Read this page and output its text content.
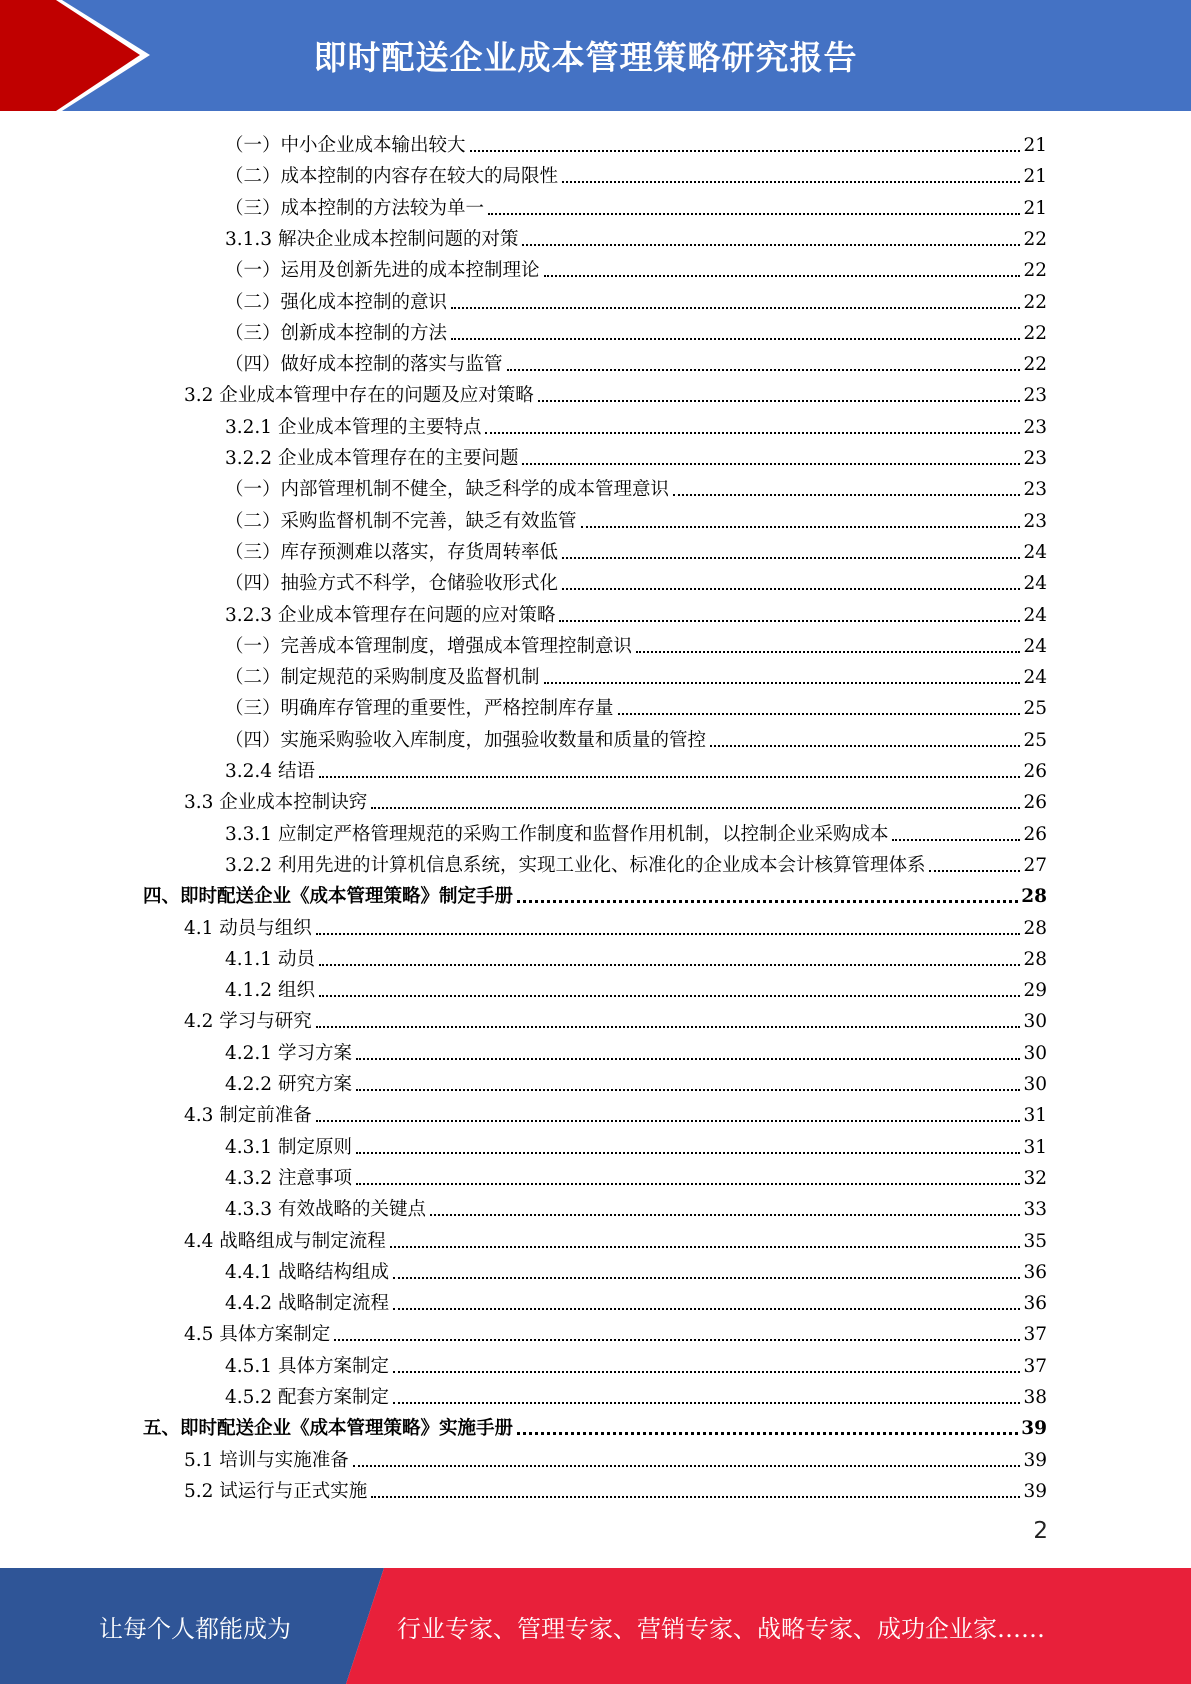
即时配送企业成本管理策略研究报告
（一）中小企业成本输出较大	21
（二）成本控制的内容存在较大的局限性	21
（三）成本控制的方法较为单一	21
3.1.3 解决企业成本控制问题的对策	22
（一）运用及创新先进的成本控制理论	22
（二）强化成本控制的意识	22
（三）创新成本控制的方法	22
（四）做好成本控制的落实与监管	22
3.2 企业成本管理中存在的问题及应对策略	23
3.2.1 企业成本管理的主要特点	23
3.2.2 企业成本管理存在的主要问题	23
（一）内部管理机制不健全，缺乏科学的成本管理意识	23
（二）采购监督机制不完善，缺乏有效监管	23
（三）库存预测难以落实，存货周转率低	24
（四）抽验方式不科学，仓储验收形式化	24
3.2.3 企业成本管理存在问题的应对策略	24
（一）完善成本管理制度，增强成本管理控制意识	24
（二）制定规范的采购制度及监督机制	24
（三）明确库存管理的重要性，严格控制库存量	25
（四）实施采购验收入库制度，加强验收数量和质量的管控	25
3.2.4 结语	26
3.3 企业成本控制诀窍	26
3.3.1 应制定严格管理规范的采购工作制度和监督作用机制，以控制企业采购成本	26
3.2.2 利用先进的计算机信息系统，实现工业化、标准化的企业成本会计核算管理体系	27
四、即时配送企业《成本管理策略》制定手册	28
4.1 动员与组织	28
4.1.1 动员	28
4.1.2 组织	29
4.2 学习与研究	30
4.2.1 学习方案	30
4.2.2 研究方案	30
4.3 制定前准备	31
4.3.1 制定原则	31
4.3.2 注意事项	32
4.3.3 有效战略的关键点	33
4.4 战略组成与制定流程	35
4.4.1 战略结构组成	36
4.4.2 战略制定流程	36
4.5 具体方案制定	37
4.5.1 具体方案制定	37
4.5.2 配套方案制定	38
五、即时配送企业《成本管理策略》实施手册	39
5.1 培训与实施准备	39
5.2 试运行与正式实施	39
2
让每个人都能成为	行业专家、管理专家、营销专家、战略专家、成功企业家……
